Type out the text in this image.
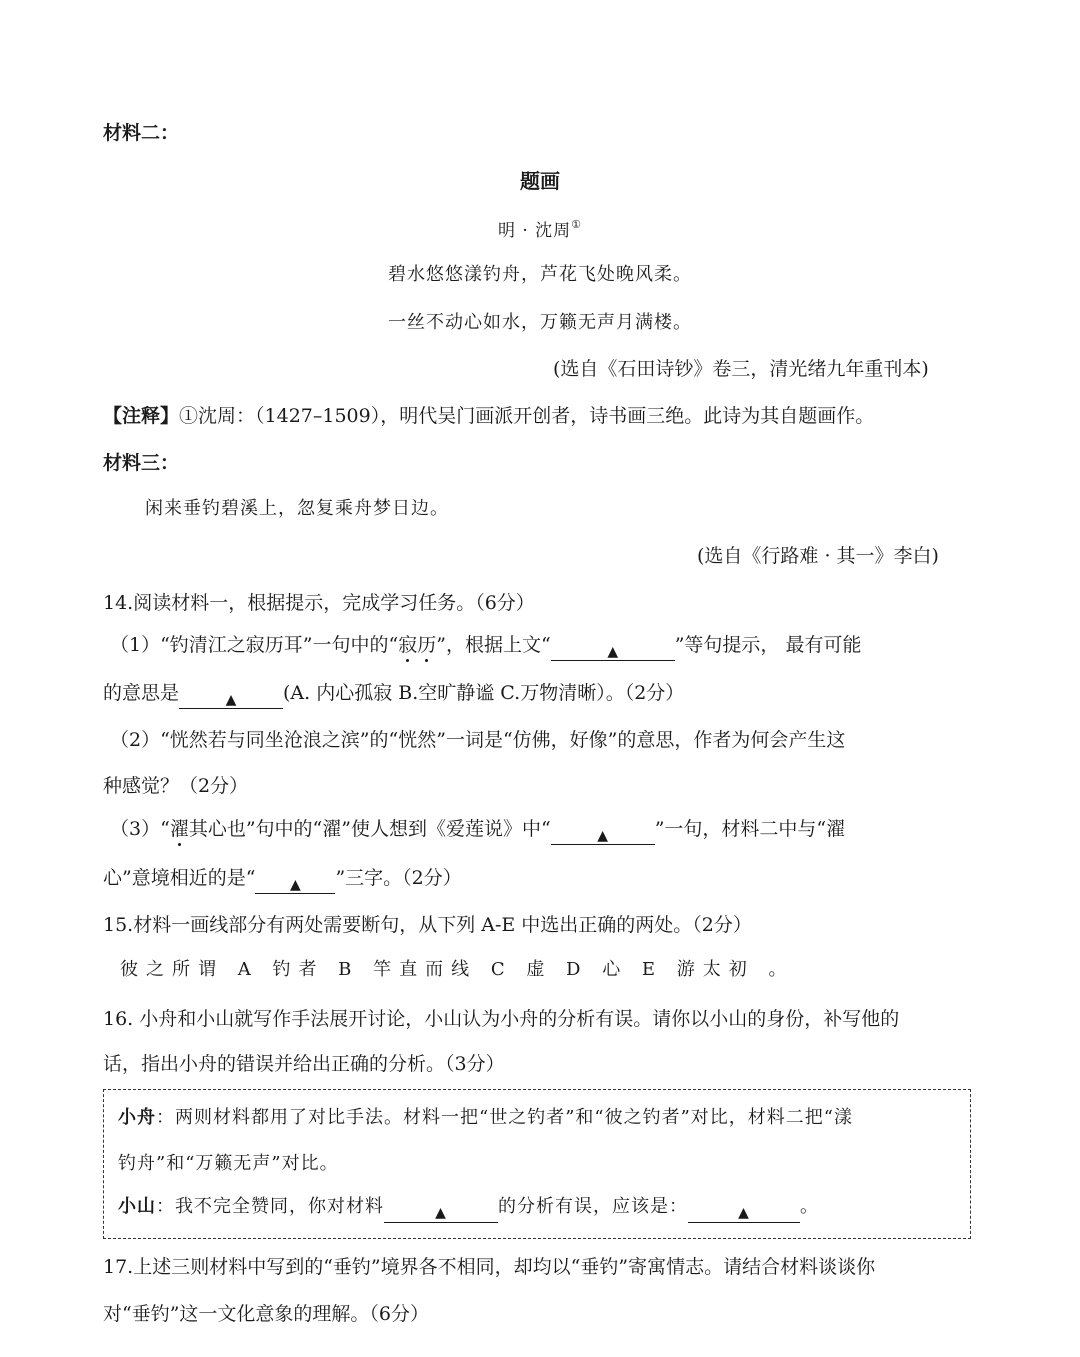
材料二：
题画
明 · 沈周①
碧水悠悠漾钓舟，芦花飞处晚风柔。
一丝不动心如水，万籁无声月满楼。
(选自《石田诗钞》卷三，清光绪九年重刊本)
【注释】①沈周：（1427–1509），明代吴门画派开创者，诗书画三绝。此诗为其自题画作。
材料三：
闲来垂钓碧溪上，忽复乘舟梦日边。
(选自《行路难 · 其一》李白)
14.阅读材料一，根据提示，完成学习任务。（6分）
（1）“钓清江之寂历耳”一句中的“寂历”，根据上文“	▲	”等句提示， 最有可能
的意思是	▲ (A. 内心孤寂 B.空旷静谧 C.万物清晰）。（2分）
（2）“恍然若与同坐沧浪之滨”的“恍然”一词是“仿佛，好像”的意思，作者为何会产生这
种感觉？（2分）
（3）“濯其心也”句中的“濯”使人想到《爱莲说》中“	▲ ”一句，材料二中与“濯
心”意境相近的是“ ▲ ”三字。（2分）
15.材料一画线部分有两处需要断句，从下列 A-E 中选出正确的两处。（2分）
彼之所谓 A 钓者 B 竿直而线 C 虚 D 心 E 游太初 。
16. 小舟和小山就写作手法展开讨论，小山认为小舟的分析有误。请你以小山的身份，补写他的
话，指出小舟的错误并给出正确的分析。（3分）
小舟：两则材料都用了对比手法。材料一把“世之钓者”和“彼之钓者”对比，材料二把“漾
钓舟”和“万籁无声”对比。
小山：我不完全赞同，你对材料	▲	的分析有误，应该是：	▲	。
17.上述三则材料中写到的“垂钓”境界各不相同，却均以“垂钓”寄寓情志。请结合材料谈谈你
对“垂钓”这一文化意象的理解。（6分）
